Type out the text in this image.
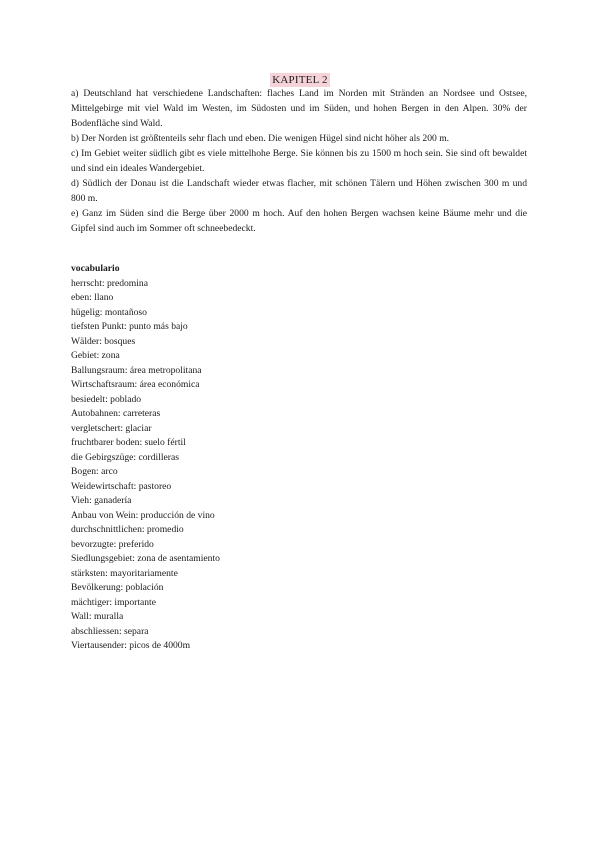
KAPITEL 2

a) Deutschland hat verschiedene Landschaften: flaches Land im Norden mit Stränden an Nordsee und Ostsee, Mittelgebirge mit viel Wald im Westen, im Südosten und im Süden, und hohen Bergen in den Alpen. 30% der Bodenfläche sind Wald.

b) Der Norden ist größtenteils sehr flach und eben. Die wenigen Hügel sind nicht höher als 200 m.

c) Im Gebiet weiter südlich gibt es viele mittelhohe Berge. Sie können bis zu 1500 m hoch sein. Sie sind oft bewaldet und sind ein ideales Wandergebiet.

d) Südlich der Donau ist die Landschaft wieder etwas flacher, mit schönen Tälern und Höhen zwischen 300 m und 800 m.

e) Ganz im Süden sind die Berge über 2000 m hoch. Auf den hohen Bergen wachsen keine Bäume mehr und die Gipfel sind auch im Sommer oft schneebedeckt.

vocabulario
herrscht: predomina
eben: llano
hügelig: montañoso
tiefsten Punkt: punto más bajo
Wälder: bosques
Gebiet: zona
Ballungsraum: área metropolitana
Wirtschaftsraum: área económica
besiedelt: poblado
Autobahnen: carreteras
vergletschert: glaciar
fruchtbarer boden: suelo fértil
die Gebirgszüge: cordilleras
Bogen: arco
Weidewirtschaft: pastoreo
Vieh: ganadería
Anbau von Wein: producción de vino
durchschnittlichen: promedio
bevorzugte: preferido
Siedlungsgebiet: zona de asentamiento
stärksten: mayoritariamente
Bevölkerung: población
mächtiger: importante
Wall: muralla
abschliessen: separa
Viertausender: picos de 4000m
